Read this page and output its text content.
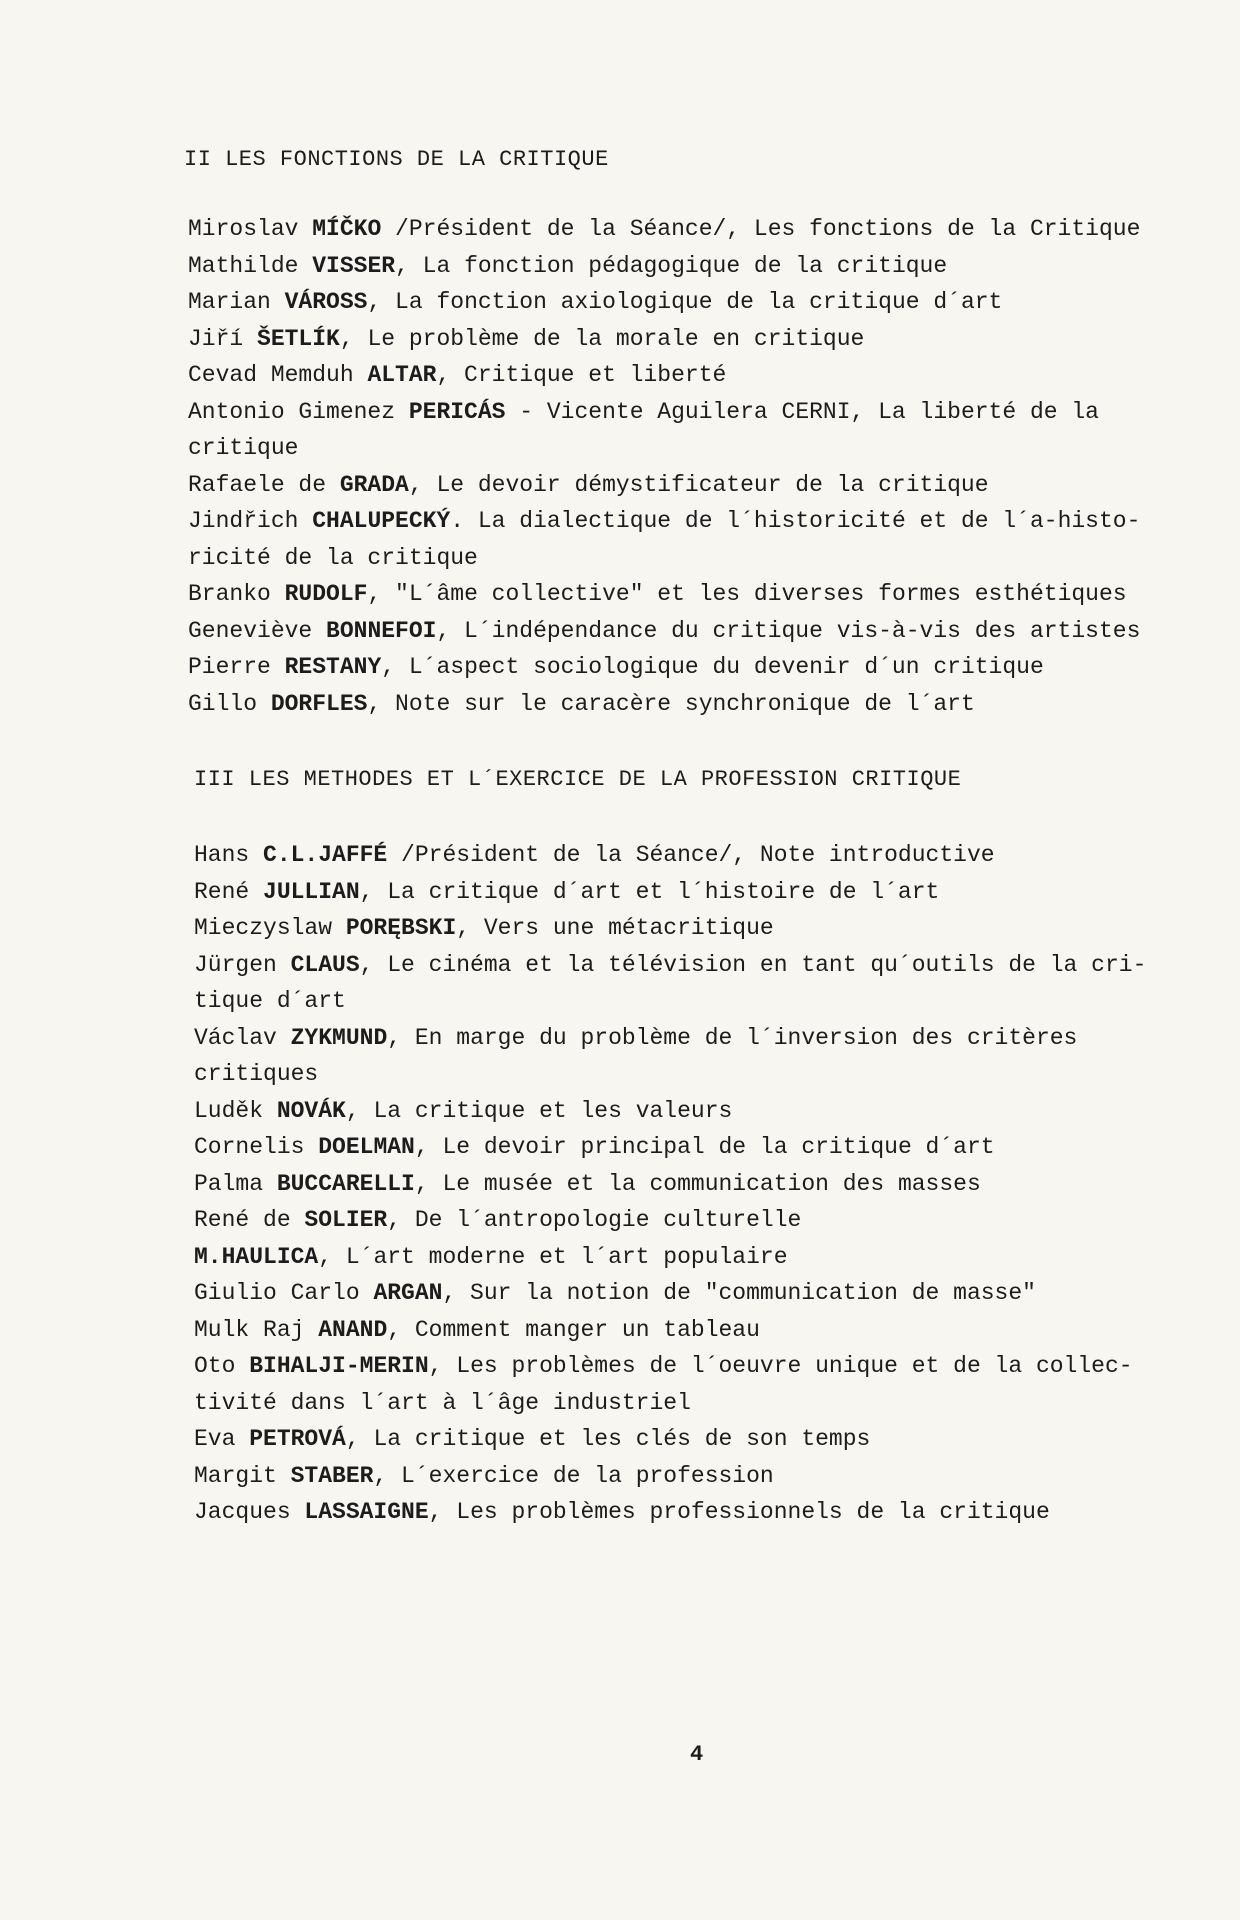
II LES FONCTIONS DE LA CRITIQUE
Miroslav MÍČKO /Président de la Séance/, Les fonctions de la Critique
Mathilde VISSER, La fonction pédagogique de la critique
Marian VÁROSS, La fonction axiologique de la critique d´art
Jiří ŠETLÍK, Le problème de la morale en critique
Cevad Memduh ALTAR, Critique et liberté
Antonio Gimenez PERICÁS - Vicente Aguilera CERNI, La liberté de la
critique
Rafaele de GRADA, Le devoir démystificateur de la critique
Jindřich CHALUPECKÝ. La dialectique de l´historicité et de l´a-histo-
ricité de la critique
Branko RUDOLF, "L´âme collective" et les diverses formes esthétiques
Geneviève BONNEFOI, L´indépendance du critique vis-à-vis des artistes
Pierre RESTANY, L´aspect sociologique du devenir d´un critique
Gillo DORFLES, Note sur le caracère synchronique de l´art
III LES METHODES ET L´EXERCICE DE LA PROFESSION CRITIQUE
Hans C.L.JAFFÉ /Président de la Séance/, Note introductive
René JULLIAN, La critique d´art et l´histoire de l´art
Mieczyslaw PORĘBSKI, Vers une métacritique
Jürgen CLAUS, Le cinéma et la télévision en tant qu´outils de la cri-
tique d´art
Václav ZYKMUND, En marge du problème de l´inversion des critères
critiques
Luděk NOVÁK, La critique et les valeurs
Cornelis DOELMAN, Le devoir principal de la critique d´art
Palma BUCCARELLI, Le musée et la communication des masses
René de SOLIER, De l´antropologie culturelle
M.HAULICA, L´art moderne et l´art populaire
Giulio Carlo ARGAN, Sur la notion de "communication de masse"
Mulk Raj ANAND, Comment manger un tableau
Oto BIHALJI-MERIN, Les problèmes de l´oeuvre unique et de la collec-
tivité dans l´art à l´âge industriel
Eva PETROVÁ, La critique et les clés de son temps
Margit STABER, L´exercice de la profession
Jacques LASSAIGNE, Les problèmes professionnels de la critique
4
